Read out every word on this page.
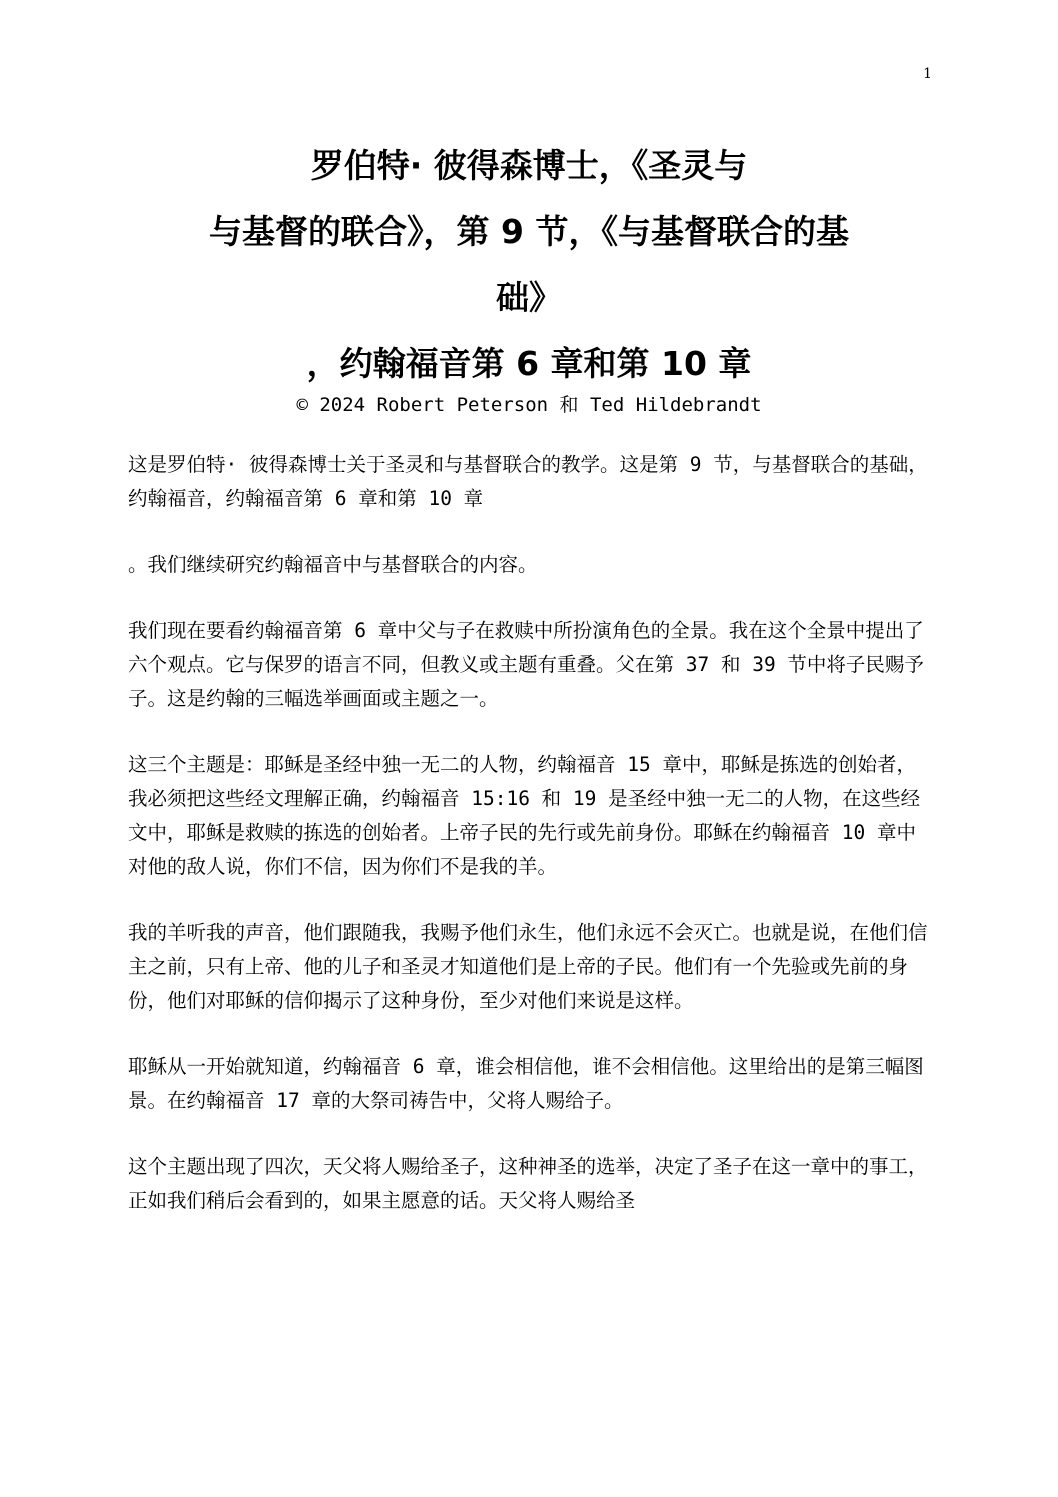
1
罗伯特· 彼得森博士，《圣灵与
与基督的联合》，第 9 节，《与基督联合的基
础》
，约翰福音第 6 章和第 10 章
© 2024 Robert Peterson 和 Ted Hildebrandt

这是罗伯特· 彼得森博士关于圣灵和与基督联合的教学。这是第 9 节，与基督联合的基础，约翰福音，约翰福音第 6 章和第 10 章

。我们继续研究约翰福音中与基督联合的内容。

我们现在要看约翰福音第 6 章中父与子在救赎中所扮演角色的全景。我在这个全景中提出了六个观点。它与保罗的语言不同，但教义或主题有重叠。父在第 37 和 39 节中将子民赐予子。这是约翰的三幅选举画面或主题之一。

这三个主题是：耶稣是圣经中独一无二的人物，约翰福音 15 章中，耶稣是拣选的创始者，我必须把这些经文理解正确，约翰福音 15:16 和 19 是圣经中独一无二的人物，在这些经文中，耶稣是救赎的拣选的创始者。上帝子民的先行或先前身份。耶稣在约翰福音 10 章中对他的敌人说，你们不信，因为你们不是我的羊。

我的羊听我的声音，他们跟随我，我赐予他们永生，他们永远不会灭亡。也就是说，在他们信主之前，只有上帝、他的儿子和圣灵才知道他们是上帝的子民。他们有一个先验或先前的身份，他们对耶稣的信仰揭示了这种身份，至少对他们来说是这样。

耶稣从一开始就知道，约翰福音 6 章，谁会相信他，谁不会相信他。这里给出的是第三幅图景。在约翰福音 17 章的大祭司祷告中，父将人赐给子。

这个主题出现了四次，天父将人赐给圣子，这种神圣的选举，决定了圣子在这一章中的事工，正如我们稍后会看到的，如果主愿意的话。天父将人赐给圣
